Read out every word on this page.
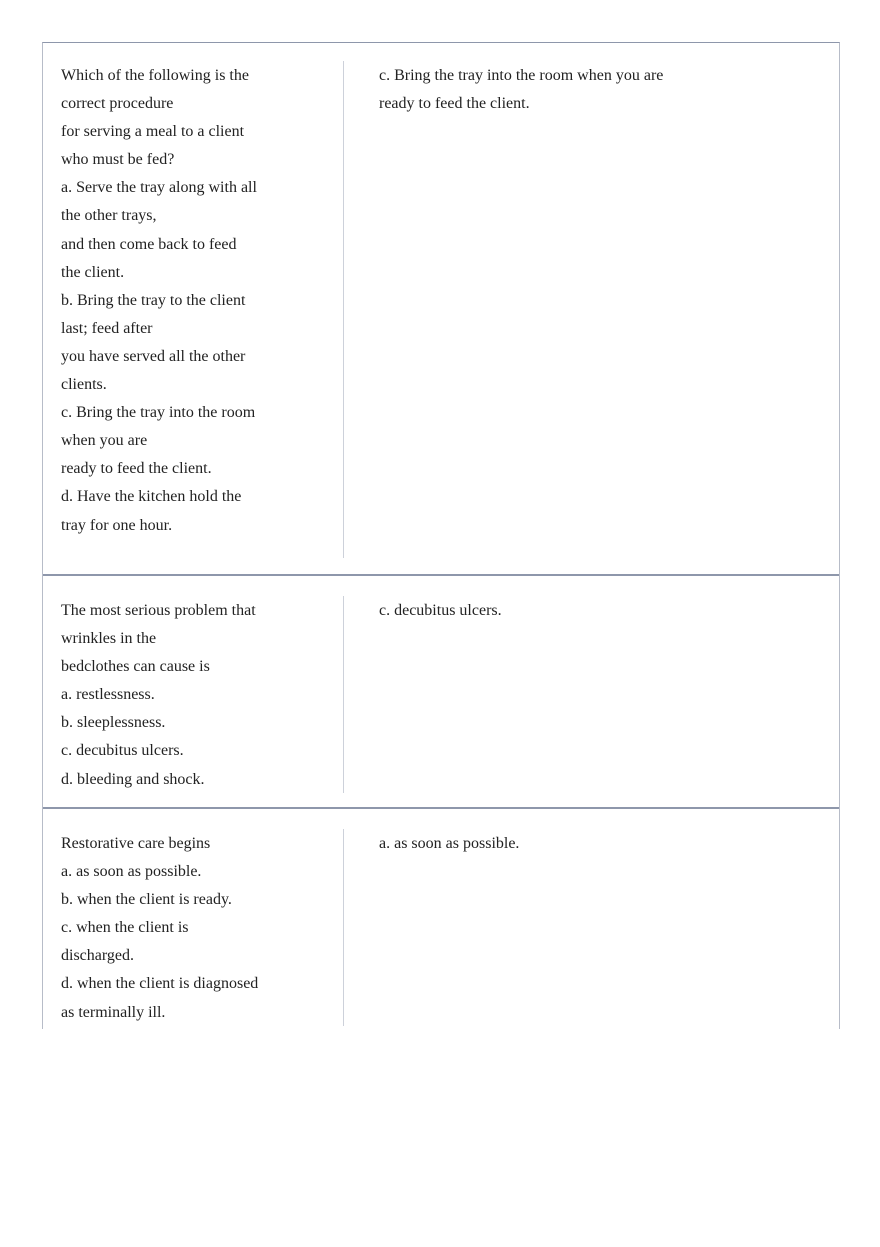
Which of the following is the
correct procedure
for serving a meal to a client
who must be fed?
a. Serve the tray along with all
the other trays,
and then come back to feed
the client.
b. Bring the tray to the client
last; feed after
you have served all the other
clients.
c. Bring the tray into the room
when you are
ready to feed the client.
d. Have the kitchen hold the
tray for one hour.
c. Bring the tray into the room when you are
ready to feed the client.
The most serious problem that
wrinkles in the
bedclothes can cause is
a. restlessness.
b. sleeplessness.
c. decubitus ulcers.
d. bleeding and shock.
c. decubitus ulcers.
Restorative care begins
a. as soon as possible.
b. when the client is ready.
c. when the client is
discharged.
d. when the client is diagnosed
as terminally ill.
a. as soon as possible.
